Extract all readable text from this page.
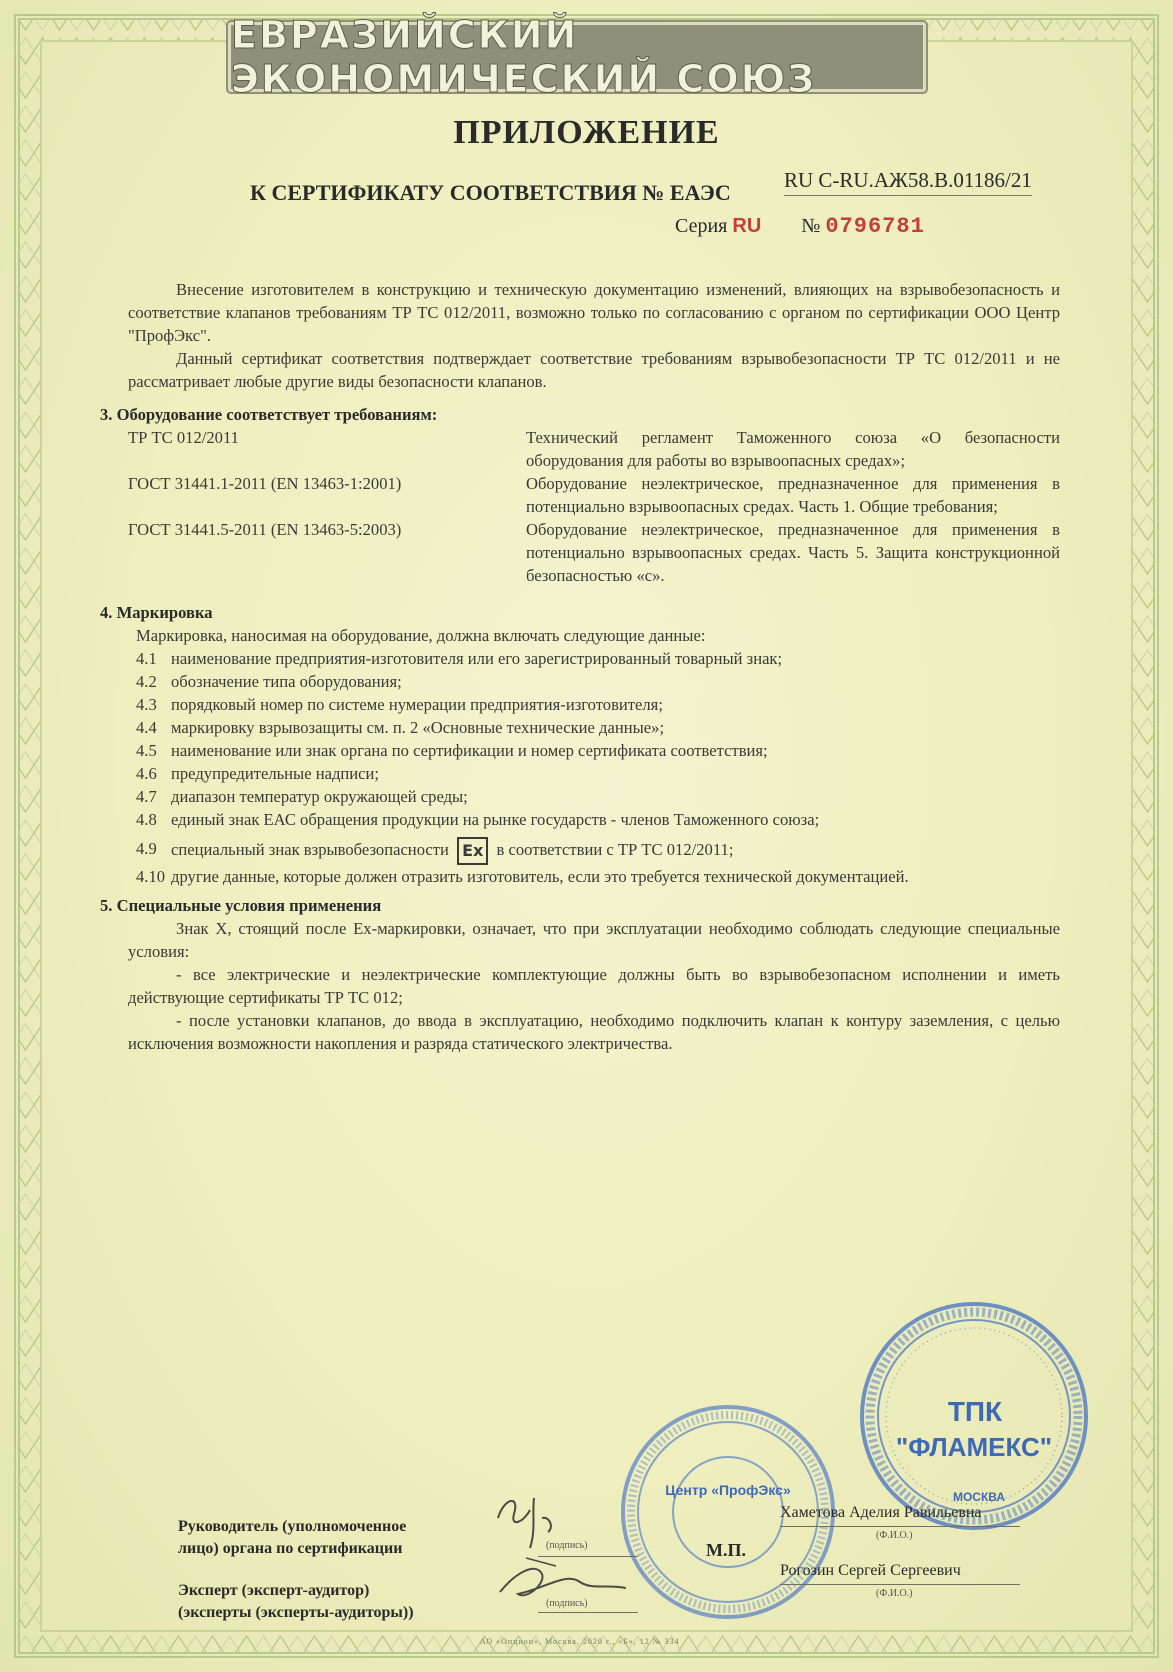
ЕВРАЗИЙСКИЙ ЭКОНОМИЧЕСКИЙ СОЮЗ
ПРИЛОЖЕНИЕ
К СЕРТИФИКАТУ СООТВЕТСТВИЯ № ЕАЭС	RU C-RU.АЖ58.В.01186/21
Серия RU № 0796781

Внесение изготовителем в конструкцию и техническую документацию изменений, влияющих на взрывобезопасность и соответствие клапанов требованиям ТР ТС 012/2011, возможно только по согласованию с органом по сертификации ООО Центр "ПрофЭкс".

Данный сертификат соответствия подтверждает соответствие требованиям взрывобезопасности ТР ТС 012/2011 и не рассматривает любые другие виды безопасности клапанов.

3. Оборудование соответствует требованиям:
ТР ТС 012/2011	Технический регламент Таможенного союза «О безопасности оборудования для работы во взрывоопасных средах»;
ГОСТ 31441.1-2011 (EN 13463-1:2001)	Оборудование неэлектрическое, предназначенное для применения в потенциально взрывоопасных средах. Часть 1. Общие требования;
ГОСТ 31441.5-2011 (EN 13463-5:2003)	Оборудование неэлектрическое, предназначенное для применения в потенциально взрывоопасных средах. Часть 5. Защита конструкционной безопасностью «с».
4. Маркировка
Маркировка, наносимая на оборудование, должна включать следующие данные:
4.1 наименование предприятия-изготовителя или его зарегистрированный товарный знак;
4.2 обозначение типа оборудования;
4.3 порядковый номер по системе нумерации предприятия-изготовителя;
4.4 маркировку взрывозащиты см. п. 2 «Основные технические данные»;
4.5 наименование или знак органа по сертификации и номер сертификата соответствия;
4.6 предупредительные надписи;
4.7 диапазон температур окружающей среды;
4.8 единый знак ЕАС обращения продукции на рынке государств - членов Таможенного союза;
4.9 специальный знак взрывобезопасности Ex в соответствии с ТР ТС 012/2011;
4.10 другие данные, которые должен отразить изготовитель, если это требуется технической документацией.
5. Специальные условия применения

Знак X, стоящий после Ex-маркировки, означает, что при эксплуатации необходимо соблюдать следующие специальные условия:

- все электрические и неэлектрические комплектующие должны быть во взрывобезопасном исполнении и иметь действующие сертификаты ТР ТС 012;

- после установки клапанов, до ввода в эксплуатацию, необходимо подключить клапан к контуру заземления, с целью исключения возможности накопления и разряда статического электричества.

Центр «ПрофЭкс»
ТПК
"ФЛАМЕКС"
МОСКВА
Руководитель (уполномоченное
лицо) органа по сертификации
Эксперт (эксперт-аудитор)
(эксперты (эксперты-аудиторы))
(подпись)
(подпись)
М.П.
Хаметова Аделия Равильевна
(Ф.И.О.)
Рогозин Сергей Сергеевич
(Ф.И.О.)
АО «Опцион», Москва, 2020 г., «Б», 12 № 334
